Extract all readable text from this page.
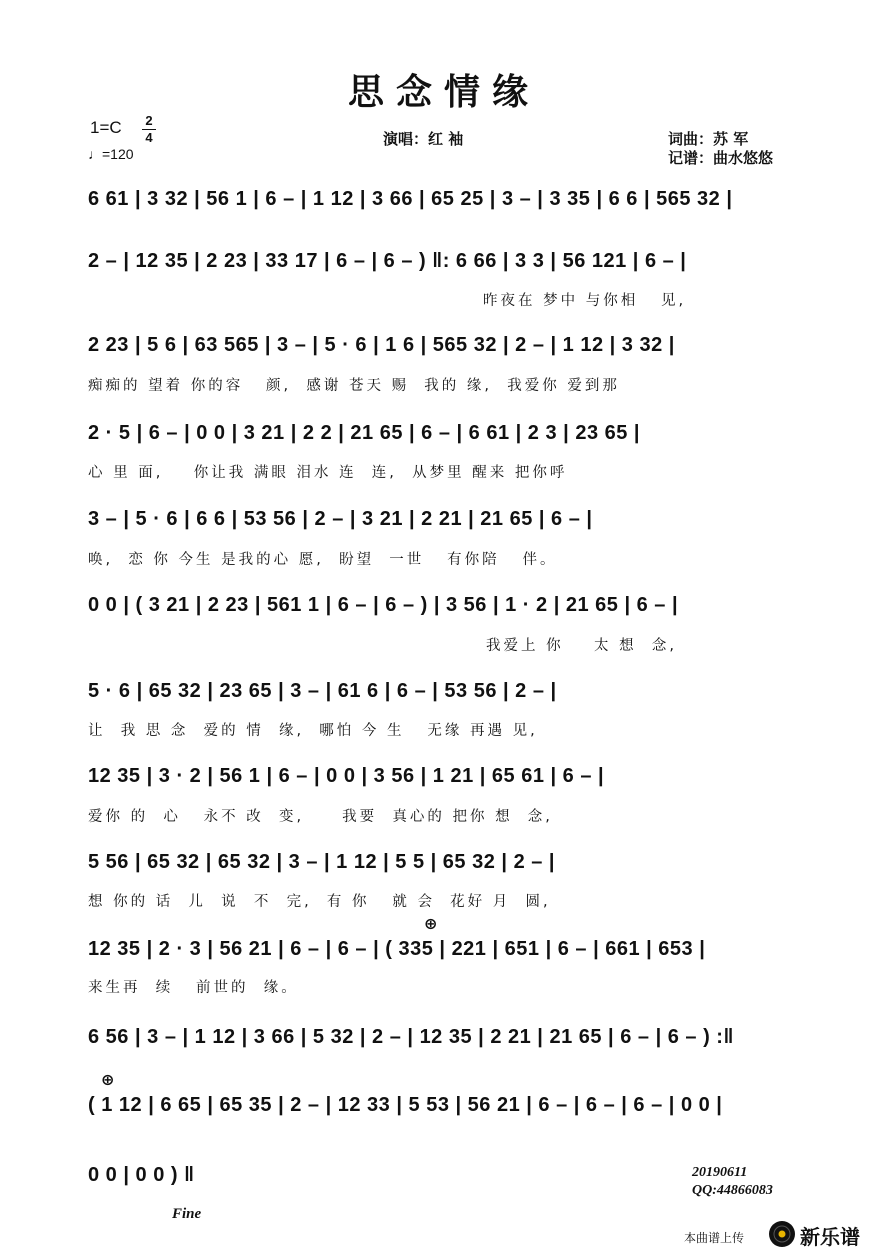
思念情缘
1=C 2
4
♩=120
演唱：红 袖	词曲：苏 军
记谱：曲水悠悠
6 61 | 3 32 | 56 1 | 6 – | 1 12 | 3 66 | 65 25 | 3 – | 3 35 | 6 6 | 565 32 |
2 – | 12 35 | 2 23 | 33 17 | 6 – | 6 – ) ‖: 6 66 | 3 3 | 56 121 | 6 – |
昨夜在 梦中 与你相   见,
2 23 | 5 6 | 63 565 | 3 – | 5 · 6 | 1 6 | 565 32 | 2 – | 1 12 | 3 32 |
痴痴的 望着 你的容   颜,  感谢 苍天 赐  我的 缘,  我爱你 爱到那
2 · 5 | 6 – | 0 0 | 3 21 | 2 2 | 21 65 | 6 – | 6 61 | 2 3 | 23 65 |
心 里 面,    你让我 满眼 泪水 连  连,  从梦里 醒来 把你呼
3 – | 5 · 6 | 6 6 | 53 56 | 2 – | 3 21 | 2 21 | 21 65 | 6 – |
唤,  恋 你 今生 是我的心 愿,  盼望  一世   有你陪   伴。
0 0 | ( 3 21 | 2 23 | 561 1 | 6 – | 6 – ) | 3 56 | 1 · 2 | 21 65 | 6 – |
我爱上 你    太 想  念,
5 · 6 | 65 32 | 23 65 | 3 – | 61 6 | 6 – | 53 56 | 2 – |
让  我 思 念  爱的 情  缘,  哪怕 今 生   无缘 再遇 见,
12 35 | 3 · 2 | 56 1 | 6 – | 0 0 | 3 56 | 1 21 | 65 61 | 6 – |
爱你 的  心   永不 改  变,     我要  真心的 把你 想  念,
5 56 | 65 32 | 65 32 | 3 – | 1 12 | 5 5 | 65 32 | 2 – |
想 你的 话  儿  说  不  完,  有 你   就 会  花好 月  圆,
⊕
12 35 | 2 · 3 | 56 21 | 6 – | 6 – | ( 335 | 221 | 651 | 6 – | 661 | 653 |
来生再  续   前世的  缘。
6 56 | 3 – | 1 12 | 3 66 | 5 32 | 2 – | 12 35 | 2 21 | 21 65 | 6 – | 6 – ) :‖
⊕
( 1 12 | 6 65 | 65 35 | 2 – | 12 33 | 5 53 | 56 21 | 6 – | 6 – | 6 – | 0 0 |
0 0 | 0 0 ) ‖
Fine
20190611
QQ:44866083
本曲谱上传	新乐谱
